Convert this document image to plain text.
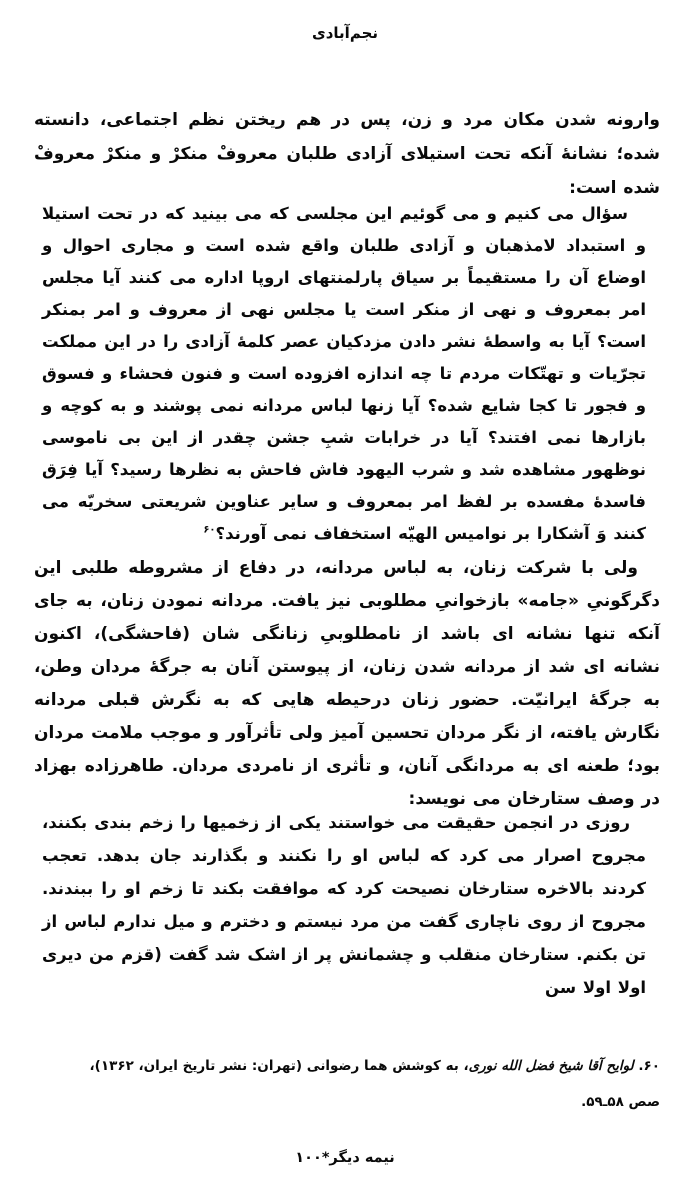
نجم‌آبادی
وارونه شدن مکان مرد و زن، پس در هم ریختن نظم اجتماعی، دانسته شده؛ نشانهٔ آنکه تحت استیلای آزادی طلبان معروفْ منکرْ و منکرْ معروفْ شده است:
سؤال می کنیم و می گوئیم این مجلسی که می بینید که در تحت استیلا و استبداد لامذهبان و آزادی طلبان واقع شده است و مجاری احوال و اوضاع آن را مستقیماً بر سیاق پارلمنتهای اروپا اداره می کنند آیا مجلس امر بمعروف و نهی از منکر است یا مجلس نهی از معروف و امر بمنکر است؟ آیا به واسطهٔ نشر دادن مزدکیان عصر کلمهٔ آزادی را در این مملکت تجرّیات و تهتّکات مردم تا چه اندازه افزوده است و فنون فحشاء و فسوق و فجور تا کجا شایع شده؟ آیا زنها لباس مردانه نمی پوشند و به کوچه و بازارها نمی افتند؟ آیا در خرابات شبِ جشن چقدر از این بی ناموسی نوظهور مشاهده شد و شرب الیهود فاش فاحش به نظرها رسید؟ آیا فِرَق فاسدهٔ مفسده بر لفظ امر بمعروف و سایر عناوین شریعتی سخریّه می کنند وَ آشکارا بر نوامیس الهیّه استخفاف نمی آورند؟$^{۶۰}$
ولی با شرکت زنان، به لباس مردانه، در دفاع از مشروطه طلبی این دگرگونیِ «جامه» بازخوانیِ مطلوبی نیز یافت. مردانه نمودن زنان، به جای آنکه تنها نشانه ای باشد از نامطلوبیِ زنانگی شان (فاحشگی)، اکنون نشانه ای شد از مردانه شدن زنان، از پیوستن آنان به جرگهٔ مردان وطن، به جرگهٔ ایرانیّت. حضور زنان درحیطه هایی که به نگرش قبلی مردانه نگارش یافته، از نگر مردان تحسین آمیز ولی تأثرآور و موجب ملامت مردان بود؛ طعنه ای به مردانگی آنان، و تأثری از نامردی مردان. طاهرزاده بهزاد در وصف ستارخان می نویسد:
روزی در انجمن حقیقت می خواستند یکی از زخمیها را زخم بندی بکنند، مجروح اصرار می کرد که لباس او را نکنند و بگذارند جان بدهد. تعجب کردند بالاخره ستارخان نصیحت کرد که موافقت بکند تا زخم او را ببندند. مجروح از روی ناچاری گفت من مرد نیستم و دخترم و میل ندارم لباس از تن بکنم. ستارخان منقلب و چشمانش پر از اشک شد گفت (قزم من دیری اولا اولا سن
۶۰. لوایح آقا شیخ فضل الله نوری، به کوشش هما رضوانی (تهران: نشر تاریخ ایران، ۱۳۶۲)،
صص ۵۸ـ۵۹.
نیمه دیگر*۱۰۰
